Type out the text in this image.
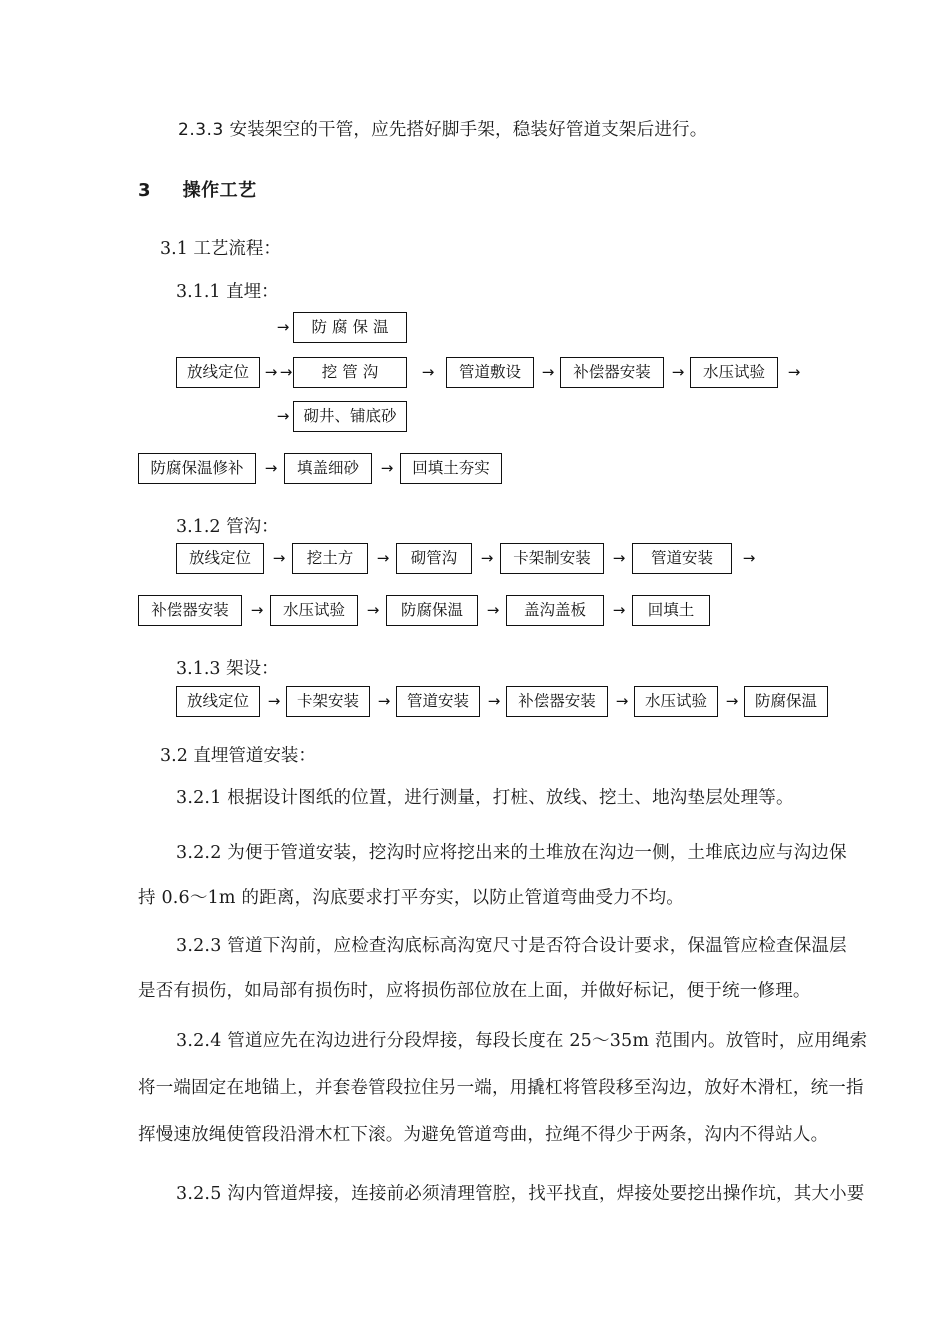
2.3.3 安装架空的干管，应先搭好脚手架，稳装好管道支架后进行。
3 操作工艺
3.1 工艺流程：
3.1.1 直埋：
→	防腐保温
放线定位	→ →	挖管沟	→	管道敷设	→	补偿器安装	→	水压试验	→
→ 砌井、铺底砂
防腐保温修补	→	填盖细砂	→	回填土夯实
3.1.2 管沟：
放线定位	→	挖土方	→	砌管沟	→	卡架制安装	→	管道安装	→
补偿器安装	→	水压试验	→	防腐保温	→	盖沟盖板	→	回填土
3.1.3 架设：
放线定位	→	卡架安装	→	管道安装	→	补偿器安装	→	水压试验	→	防腐保温
3.2 直埋管道安装：
3.2.1 根据设计图纸的位置，进行测量，打桩、放线、挖土、地沟垫层处理等。
3.2.2 为便于管道安装，挖沟时应将挖出来的土堆放在沟边一侧，土堆底边应与沟边保
持 0.6～1m 的距离，沟底要求打平夯实，以防止管道弯曲受力不均。
3.2.3 管道下沟前，应检查沟底标高沟宽尺寸是否符合设计要求，保温管应检查保温层
是否有损伤，如局部有损伤时，应将损伤部位放在上面，并做好标记，便于统一修理。
3.2.4 管道应先在沟边进行分段焊接，每段长度在 25～35m 范围内。放管时，应用绳索
将一端固定在地锚上，并套卷管段拉住另一端，用撬杠将管段移至沟边，放好木滑杠，统一指
挥慢速放绳使管段沿滑木杠下滚。为避免管道弯曲，拉绳不得少于两条，沟内不得站人。
3.2.5 沟内管道焊接，连接前必须清理管腔，找平找直，焊接处要挖出操作坑，其大小要
